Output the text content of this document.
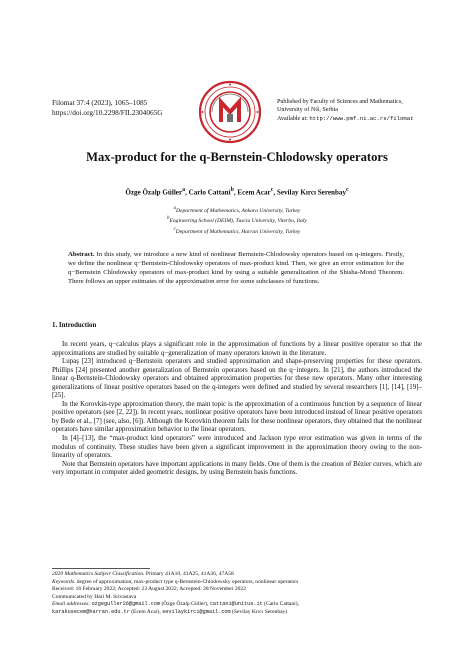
Filomat 37:4 (2023), 1065–1085
https://doi.org/10.2298/FIL2304065G
Published by Faculty of Sciences and Mathematics,
University of Niš, Serbia
Available at: http://www.pmf.ni.ac.rs/filomat
Max-product for the q-Bernstein-Chlodowsky operators
Özge Özalp Güller$^a$, Carlo Cattani$^b$, Ecem Acar$^c$, Sevilay Kırcı Serenbay$^c$
$^a$Department of Mathematics, Ankara University, Turkey
$^b$Engineering School (DEIM), Tuscia University, Viterbo, Italy
$^c$Department of Mathematics, Harran University, Turkey
Abstract. In this study, we introduce a new kind of nonlinear Bernstein-Chlodowsky operators based on q-integers. Firstly, we define the nonlinear q−Bernstein-Chlodowsky operators of max-product kind. Then, we give an error estimation for the q−Bernstein Chlodowsky operators of max-product kind by using a suitable generalization of the Shisha-Mond Theorem. There follows an upper estimates of the approximation error for some subclasses of functions.
1. Introduction

In recent years, q−calculus plays a significant role in the approximation of functions by a linear positive operator so that the approximations are studied by suitable q−generalization of many operators known in the literature.

Lupaş [23] introduced q−Bernstein operators and studied approximation and shape-preserving properties for these operators. Phillips [24] presented another generalization of Bernstein operators based on the q−integers. In [21], the authors introduced the linear q-Bernstein-Chlodowsky operators and obtained approximation properties for these new operators. Many other interesting generalizations of linear positive operators based on the q-integers were defined and studied by several researchers [1], [14], [19]–[25].

In the Korovkin-type approximation theory, the main topic is the approximation of a continuous function by a sequence of linear positive operators (see [2, 22]). In recent years, nonlinear positive operators have been introduced instead of linear positive operators by Bede et al., [7] (see, also, [6]). Although the Korovkin theorem fails for these nonlinear operators, they obtained that the nonlinear operators have similar approximation behavior to the linear operators.

In [4]–[13], the “max-product kind operators” were introduced and Jackson type error estimation was given in terms of the modulus of continuity. These studies have been given a significant improvement in the approximation theory owing to the non-linearity of operators.

Note that Bernstein operators have important applications in many fields. One of them is the creation of Bézier curves, which are very important in computer aided geometric designs, by using Bernstein basis functions.

2020 Mathematics Subject Classification. Primary 41A10, 41A25, 41A36, 47A58
Keywords. degree of approximation, max-product type q-Bernstein-Chlodowsky operators, nonlinear operators
Received: 16 February 2022; Accepted: 23 August 2022; Accepted: 28 November 2022
Communicated by Hari M. Srivastava
Email addresses: ozgeguller26@gmail.com (Özge Özalp Güller), cattani@unitus.it (Carlo Cattani),
karakusecem@harran.edu.tr (Ecem Acar), sevilaykirci@gmail.com (Sevilay Kırcı Serenbay)
